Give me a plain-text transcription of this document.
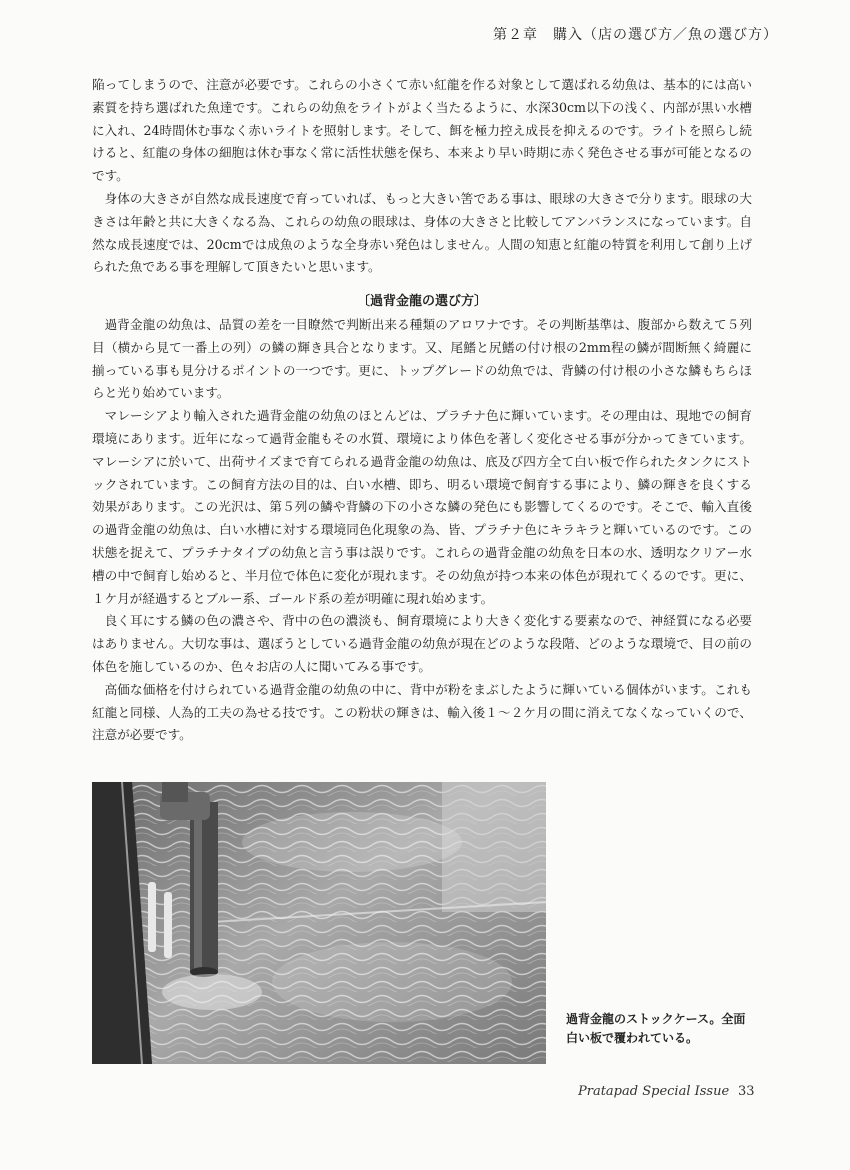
第２章　購入（店の選び方／魚の選び方）

陥ってしまうので、注意が必要です。これらの小さくて赤い紅龍を作る対象として選ばれる幼魚は、基本的には高い素質を持ち選ばれた魚達です。これらの幼魚をライトがよく当たるように、水深30cm以下の浅く、内部が黒い水槽に入れ、24時間休む事なく赤いライトを照射します。そして、餌を極力控え成長を抑えるのです。ライトを照らし続けると、紅龍の身体の細胞は休む事なく常に活性状態を保ち、本来より早い時期に赤く発色させる事が可能となるのです。

身体の大きさが自然な成長速度で育っていれば、もっと大きい筈である事は、眼球の大きさで分ります。眼球の大きさは年齢と共に大きくなる為、これらの幼魚の眼球は、身体の大きさと比較してアンバランスになっています。自然な成長速度では、20cmでは成魚のような全身赤い発色はしません。人間の知恵と紅龍の特質を利用して創り上げられた魚である事を理解して頂きたいと思います。

〔過背金龍の選び方〕

過背金龍の幼魚は、品質の差を一目瞭然で判断出来る種類のアロワナです。その判断基準は、腹部から数えて５列目（横から見て一番上の列）の鱗の輝き具合となります。又、尾鰭と尻鰭の付け根の2mm程の鱗が間断無く綺麗に揃っている事も見分けるポイントの一つです。更に、トップグレードの幼魚では、背鱗の付け根の小さな鱗もちらほらと光り始めています。

マレーシアより輸入された過背金龍の幼魚のほとんどは、プラチナ色に輝いています。その理由は、現地での飼育環境にあります。近年になって過背金龍もその水質、環境により体色を著しく変化させる事が分かってきています。マレーシアに於いて、出荷サイズまで育てられる過背金龍の幼魚は、底及び四方全て白い板で作られたタンクにストックされています。この飼育方法の目的は、白い水槽、即ち、明るい環境で飼育する事により、鱗の輝きを良くする効果があります。この光沢は、第５列の鱗や背鱗の下の小さな鱗の発色にも影響してくるのです。そこで、輸入直後の過背金龍の幼魚は、白い水槽に対する環境同色化現象の為、皆、プラチナ色にキラキラと輝いているのです。この状態を捉えて、プラチナタイプの幼魚と言う事は誤りです。これらの過背金龍の幼魚を日本の水、透明なクリアー水槽の中で飼育し始めると、半月位で体色に変化が現れます。その幼魚が持つ本来の体色が現れてくるのです。更に、１ケ月が経過するとブルー系、ゴールド系の差が明確に現れ始めます。

良く耳にする鱗の色の濃さや、背中の色の濃淡も、飼育環境により大きく変化する要素なので、神経質になる必要はありません。大切な事は、選ぼうとしている過背金龍の幼魚が現在どのような段階、どのような環境で、目の前の体色を施しているのか、色々お店の人に聞いてみる事です。

高価な価格を付けられている過背金龍の幼魚の中に、背中が粉をまぶしたように輝いている個体がいます。これも紅龍と同様、人為的工夫の為せる技です。この粉状の輝きは、輸入後１～２ケ月の間に消えてなくなっていくので、注意が必要です。

過背金龍のストックケース。全面白い板で覆われている。
Pratapad Special Issue 33
